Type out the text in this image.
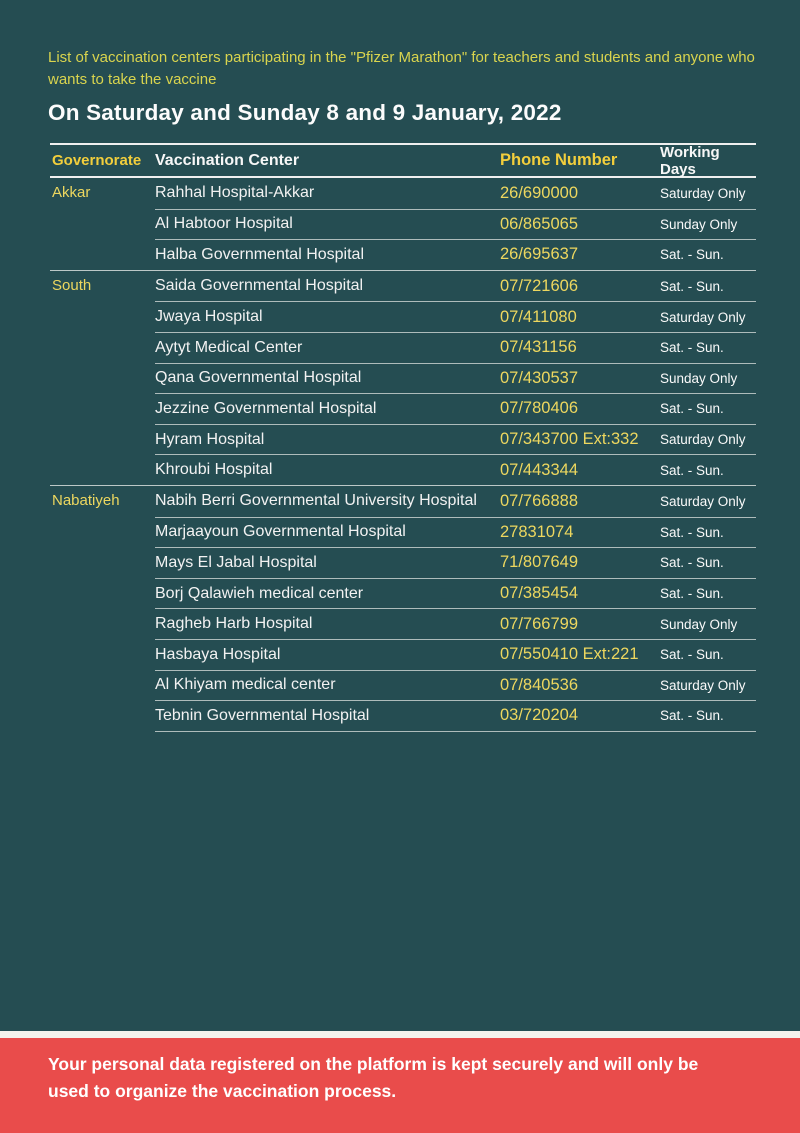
List of vaccination centers participating in the "Pfizer Marathon" for teachers and students and anyone who wants to take the vaccine

On Saturday and Sunday 8 and 9 January, 2022
Governorate Vaccination Center	Phone Number	Working Days
Akkar	Rahhal Hospital-Akkar	26/690000	Saturday Only
Al Habtoor Hospital	06/865065	Sunday Only
Halba Governmental Hospital	26/695637	Sat. - Sun.
South	Saida Governmental Hospital	07/721606	Sat. - Sun.
Jwaya Hospital	07/411080	Saturday Only
Aytyt Medical Center	07/431156	Sat. - Sun.
Qana Governmental Hospital	07/430537	Sunday Only
Jezzine Governmental Hospital	07/780406	Sat. - Sun.
Hyram Hospital	07/343700 Ext:332	Saturday Only
Khroubi Hospital	07/443344	Sat. - Sun.
Nabatiyeh	Nabih Berri Governmental University Hospital	07/766888	Saturday Only
Marjaayoun Governmental Hospital	27831074	Sat. - Sun.
Mays El Jabal Hospital	71/807649	Sat. - Sun.
Borj Qalawieh medical center	07/385454	Sat. - Sun.
Ragheb Harb Hospital	07/766799	Sunday Only
Hasbaya Hospital	07/550410 Ext:221	Sat. - Sun.
Al Khiyam medical center	07/840536	Saturday Only
Tebnin Governmental Hospital	03/720204	Sat. - Sun.

Your personal data registered on the platform is kept securely and will only be used to organize the vaccination process.
